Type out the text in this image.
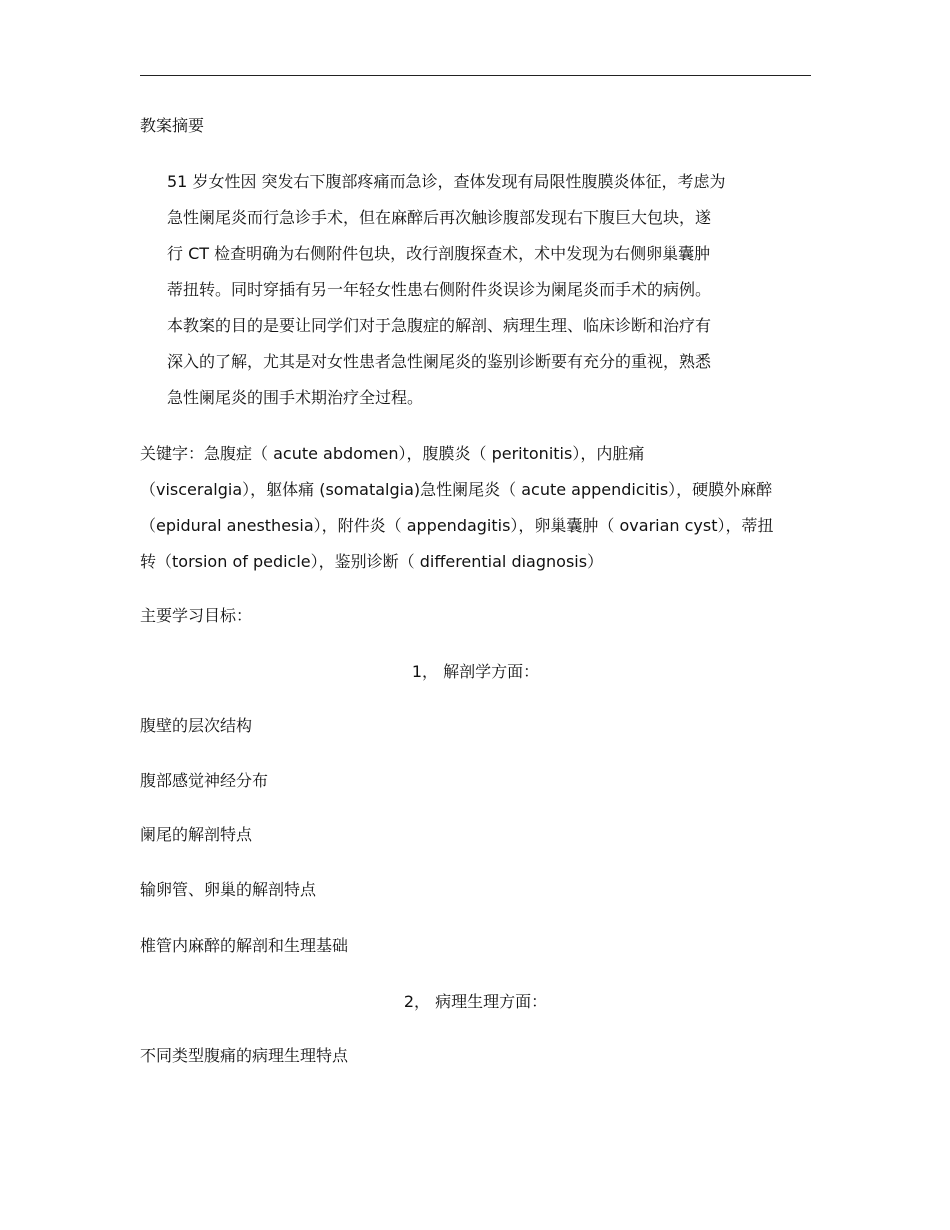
教案摘要
51 岁女性因 突发右下腹部疼痛而急诊，查体发现有局限性腹膜炎体征，考虑为
急性阑尾炎而行急诊手术，但在麻醉后再次触诊腹部发现右下腹巨大包块，遂
行 CT 检查明确为右侧附件包块，改行剖腹探查术，术中发现为右侧卵巢囊肿
蒂扭转。同时穿插有另一年轻女性患右侧附件炎误诊为阑尾炎而手术的病例。
本教案的目的是要让同学们对于急腹症的解剖、病理生理、临床诊断和治疗有
深入的了解，尤其是对女性患者急性阑尾炎的鉴别诊断要有充分的重视，熟悉
急性阑尾炎的围手术期治疗全过程。
关键字：急腹症（ acute abdomen），腹膜炎（ peritonitis），内脏痛
（visceralgia），躯体痛 (somatalgia)急性阑尾炎（ acute appendicitis），硬膜外麻醉
（epidural anesthesia），附件炎（ appendagitis），卵巢囊肿（ ovarian cyst），蒂扭
转（torsion of pedicle），鉴别诊断（ differential diagnosis）
主要学习目标：
1， 解剖学方面：
腹壁的层次结构
腹部感觉神经分布
阑尾的解剖特点
输卵管、卵巢的解剖特点
椎管内麻醉的解剖和生理基础
2， 病理生理方面：
不同类型腹痛的病理生理特点
